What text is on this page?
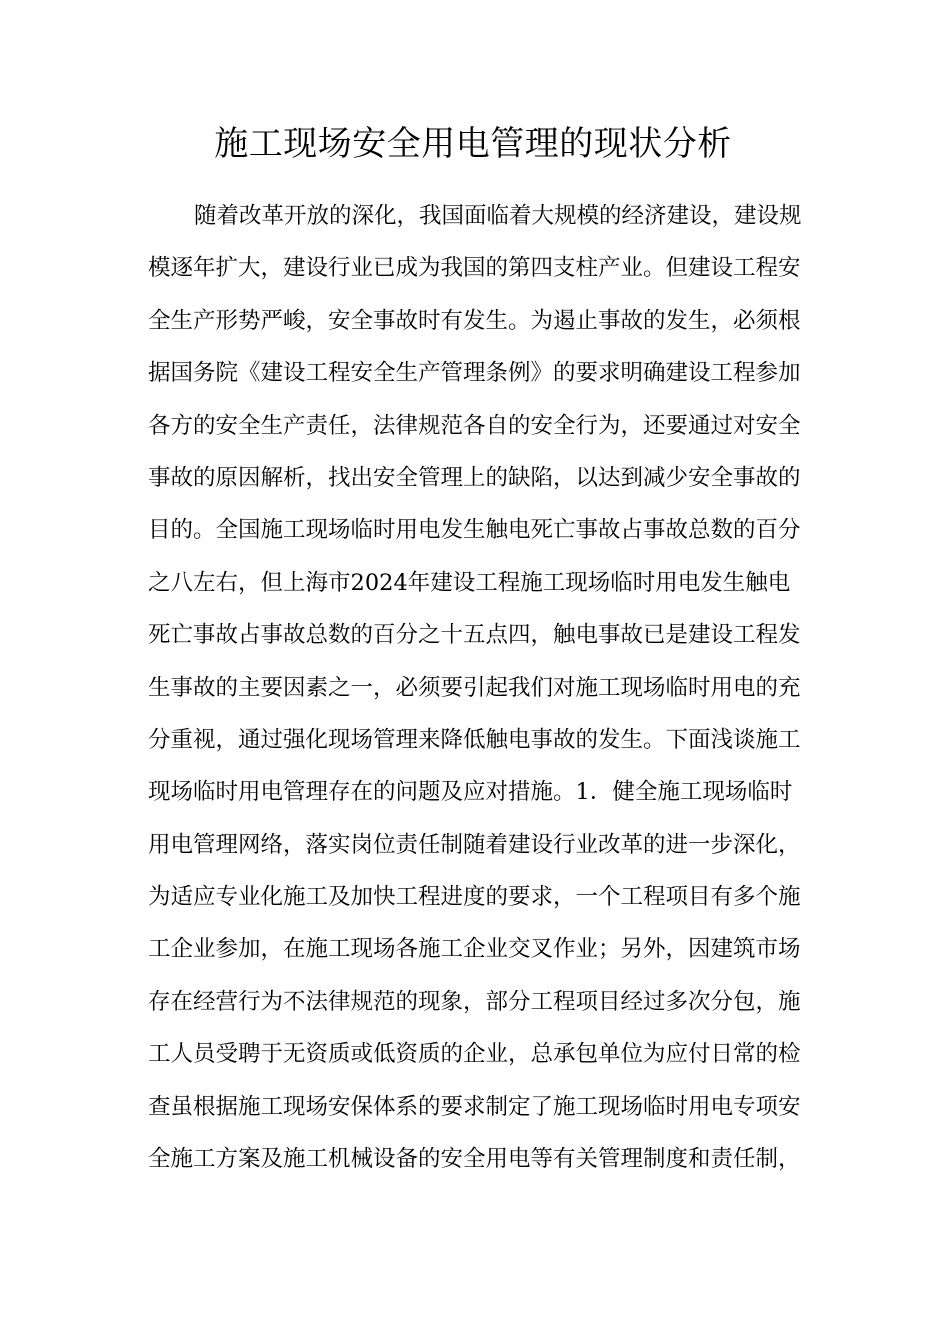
施工现场安全用电管理的现状分析
随着改革开放的深化，我国面临着大规模的经济建设，建设规
模逐年扩大，建设行业已成为我国的第四支柱产业。但建设工程安
全生产形势严峻，安全事故时有发生。为遏止事故的发生，必须根
据国务院《建设工程安全生产管理条例》的要求明确建设工程参加
各方的安全生产责任，法律规范各自的安全行为，还要通过对安全
事故的原因解析，找出安全管理上的缺陷，以达到减少安全事故的
目的。全国施工现场临时用电发生触电死亡事故占事故总数的百分
之八左右，但上海市2024年建设工程施工现场临时用电发生触电
死亡事故占事故总数的百分之十五点四，触电事故已是建设工程发
生事故的主要因素之一，必须要引起我们对施工现场临时用电的充
分重视，通过强化现场管理来降低触电事故的发生。下面浅谈施工
现场临时用电管理存在的问题及应对措施。1．健全施工现场临时
用电管理网络，落实岗位责任制随着建设行业改革的进一步深化，
为适应专业化施工及加快工程进度的要求，一个工程项目有多个施
工企业参加，在施工现场各施工企业交叉作业；另外，因建筑市场
存在经营行为不法律规范的现象，部分工程项目经过多次分包，施
工人员受聘于无资质或低资质的企业，总承包单位为应付日常的检
查虽根据施工现场安保体系的要求制定了施工现场临时用电专项安
全施工方案及施工机械设备的安全用电等有关管理制度和责任制，
